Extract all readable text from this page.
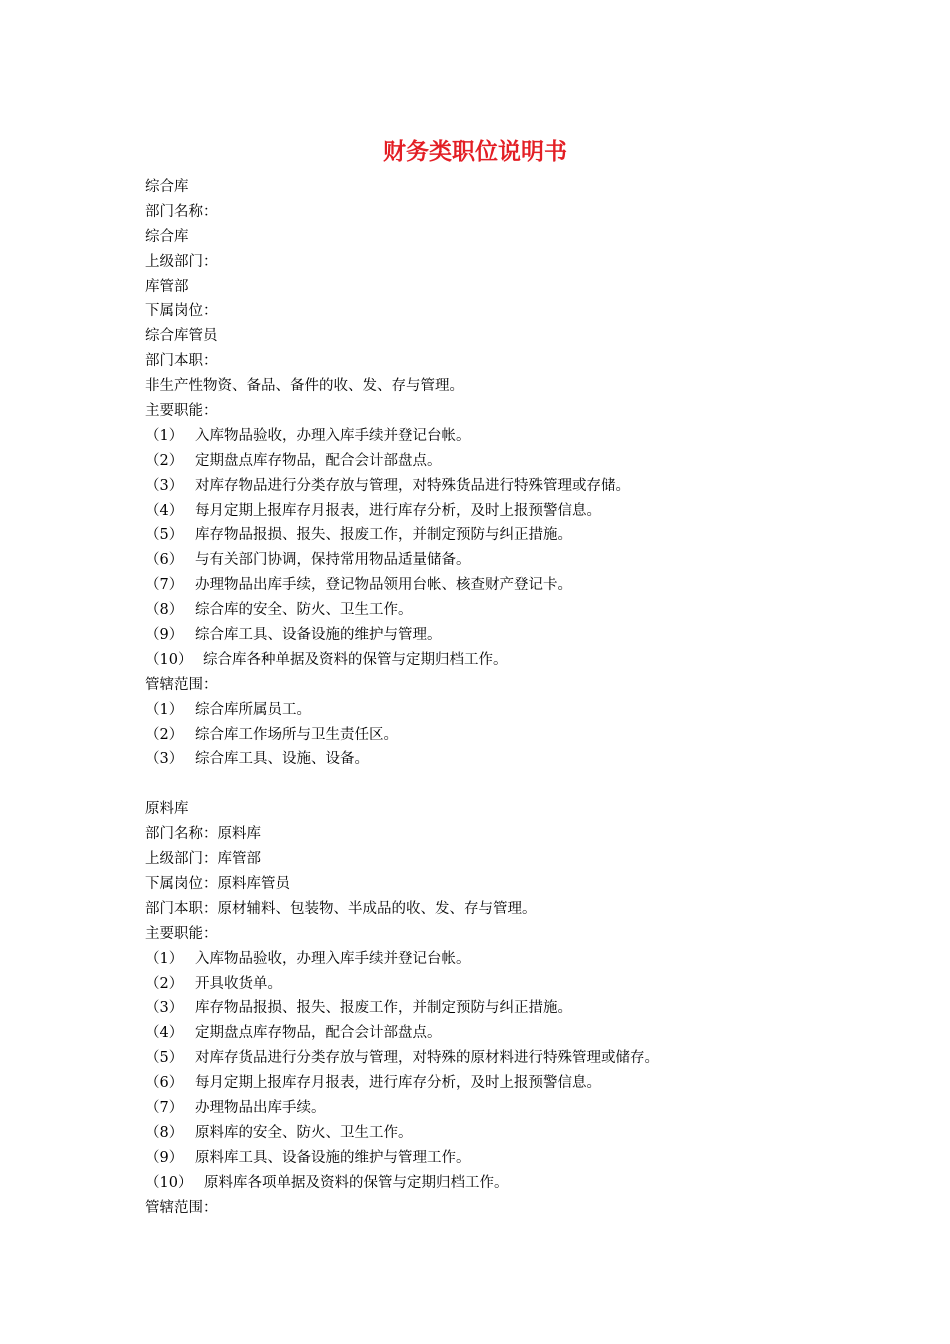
财务类职位说明书
综合库
部门名称：
综合库
上级部门：
库管部
下属岗位：
综合库管员
部门本职：
非生产性物资、备品、备件的收、发、存与管理。
主要职能：
（1） 入库物品验收，办理入库手续并登记台帐。
（2） 定期盘点库存物品，配合会计部盘点。
（3） 对库存物品进行分类存放与管理，对特殊货品进行特殊管理或存储。
（4） 每月定期上报库存月报表，进行库存分析，及时上报预警信息。
（5） 库存物品报损、报失、报废工作，并制定预防与纠正措施。
（6） 与有关部门协调，保持常用物品适量储备。
（7） 办理物品出库手续，登记物品领用台帐、核查财产登记卡。
（8） 综合库的安全、防火、卫生工作。
（9） 综合库工具、设备设施的维护与管理。
（10） 综合库各种单据及资料的保管与定期归档工作。
管辖范围：
（1） 综合库所属员工。
（2） 综合库工作场所与卫生责任区。
（3） 综合库工具、设施、设备。
原料库
部门名称：原料库
上级部门：库管部
下属岗位：原料库管员
部门本职：原材辅料、包装物、半成品的收、发、存与管理。
主要职能：
（1） 入库物品验收，办理入库手续并登记台帐。
（2） 开具收货单。
（3） 库存物品报损、报失、报废工作，并制定预防与纠正措施。
（4） 定期盘点库存物品，配合会计部盘点。
（5） 对库存货品进行分类存放与管理，对特殊的原材料进行特殊管理或储存。
（6） 每月定期上报库存月报表，进行库存分析，及时上报预警信息。
（7） 办理物品出库手续。
（8） 原料库的安全、防火、卫生工作。
（9） 原料库工具、设备设施的维护与管理工作。
（10） 原料库各项单据及资料的保管与定期归档工作。
管辖范围：
